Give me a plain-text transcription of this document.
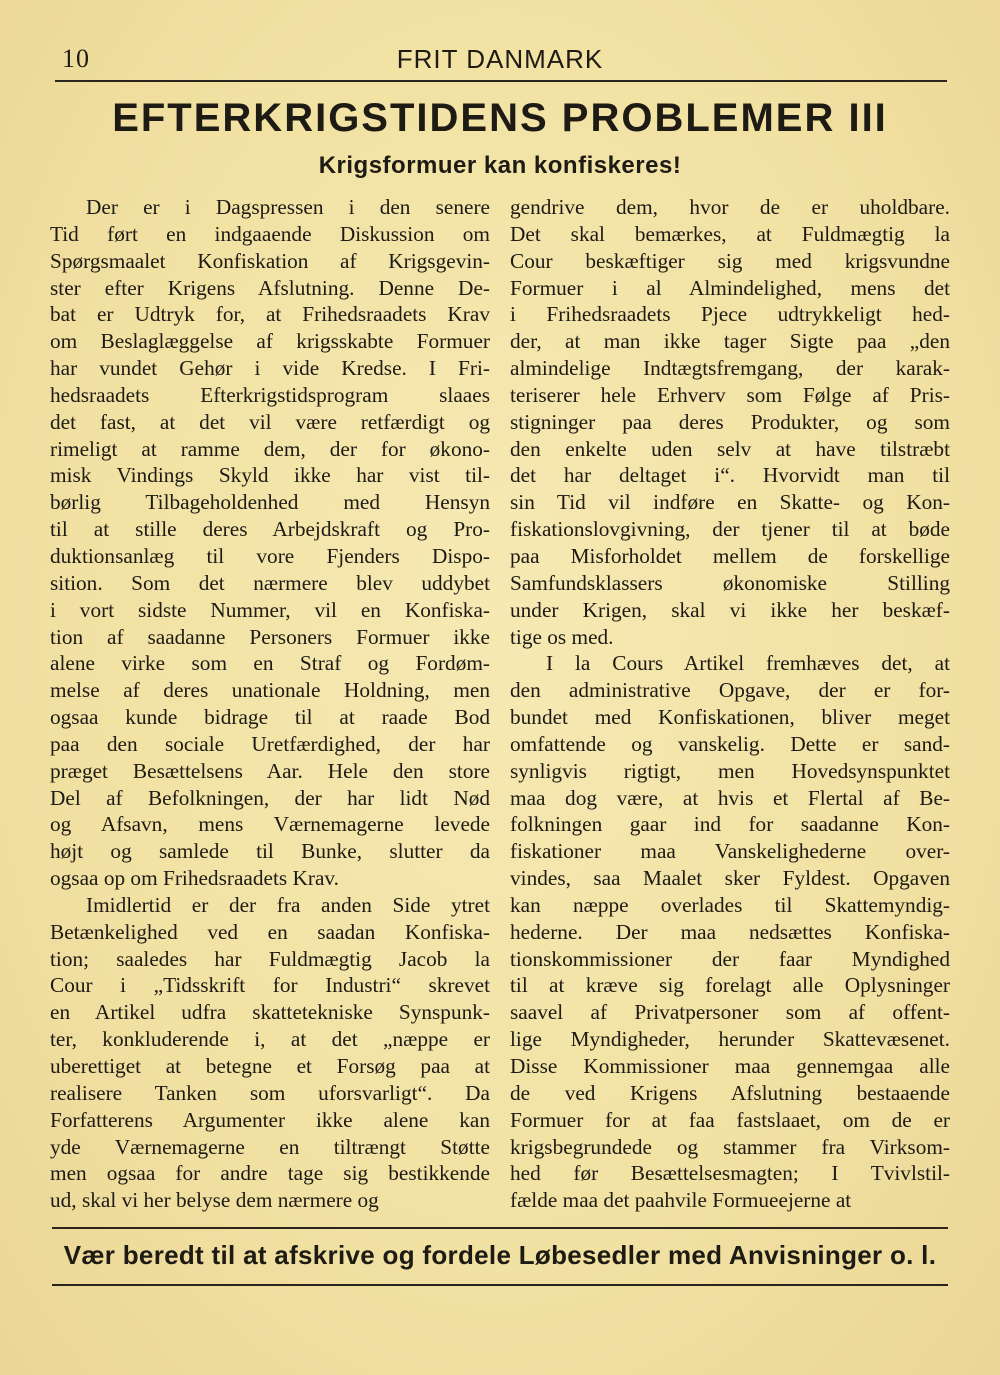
10	FRIT DANMARK
EFTERKRIGSTIDENS PROBLEMER III
Krigsformuer kan konfiskeres!
Der er i Dagspressen i den senere
Tid ført en indgaaende Diskussion om
Spørgsmaalet Konfiskation af Krigsgevin-
ster efter Krigens Afslutning. Denne De-
bat er Udtryk for, at Frihedsraadets Krav
om Beslaglæggelse af krigsskabte Formuer
har vundet Gehør i vide Kredse. I Fri-
hedsraadets Efterkrigstidsprogram slaaes
det fast, at det vil være retfærdigt og
rimeligt at ramme dem, der for økono-
misk Vindings Skyld ikke har vist til-
børlig Tilbageholdenhed med Hensyn
til at stille deres Arbejdskraft og Pro-
duktionsanlæg til vore Fjenders Dispo-
sition. Som det nærmere blev uddybet
i vort sidste Nummer, vil en Konfiska-
tion af saadanne Personers Formuer ikke
alene virke som en Straf og Fordøm-
melse af deres unationale Holdning, men
ogsaa kunde bidrage til at raade Bod
paa den sociale Uretfærdighed, der har
præget Besættelsens Aar. Hele den store
Del af Befolkningen, der har lidt Nød
og Afsavn, mens Værnemagerne levede
højt og samlede til Bunke, slutter da
ogsaa op om Frihedsraadets Krav.
Imidlertid er der fra anden Side ytret
Betænkelighed ved en saadan Konfiska-
tion; saaledes har Fuldmægtig Jacob la
Cour i „Tidsskrift for Industri“ skrevet
en Artikel udfra skattetekniske Synspunk-
ter, konkluderende i, at det „næppe er
uberettiget at betegne et Forsøg paa at
realisere Tanken som uforsvarligt“. Da
Forfatterens Argumenter ikke alene kan
yde Værnemagerne en tiltrængt Støtte
men ogsaa for andre tage sig bestikkende
ud, skal vi her belyse dem nærmere og
gendrive dem, hvor de er uholdbare.
Det skal bemærkes, at Fuldmægtig la
Cour beskæftiger sig med krigsvundne
Formuer i al Almindelighed, mens det
i Frihedsraadets Pjece udtrykkeligt hed-
der, at man ikke tager Sigte paa „den
almindelige Indtægtsfremgang, der karak-
teriserer hele Erhverv som Følge af Pris-
stigninger paa deres Produkter, og som
den enkelte uden selv at have tilstræbt
det har deltaget i“. Hvorvidt man til
sin Tid vil indføre en Skatte- og Kon-
fiskationslovgivning, der tjener til at bøde
paa Misforholdet mellem de forskellige
Samfundsklassers økonomiske Stilling
under Krigen, skal vi ikke her beskæf-
tige os med.
I la Cours Artikel fremhæves det, at
den administrative Opgave, der er for-
bundet med Konfiskationen, bliver meget
omfattende og vanskelig. Dette er sand-
synligvis rigtigt, men Hovedsynspunktet
maa dog være, at hvis et Flertal af Be-
folkningen gaar ind for saadanne Kon-
fiskationer maa Vanskelighederne over-
vindes, saa Maalet sker Fyldest. Opgaven
kan næppe overlades til Skattemyndig-
hederne. Der maa nedsættes Konfiska-
tionskommissioner der faar Myndighed
til at kræve sig forelagt alle Oplysninger
saavel af Privatpersoner som af offent-
lige Myndigheder, herunder Skattevæsenet.
Disse Kommissioner maa gennemgaa alle
de ved Krigens Afslutning bestaaende
Formuer for at faa fastslaaet, om de er
krigsbegrundede og stammer fra Virksom-
hed før Besættelsesmagten; I Tvivlstil-
fælde maa det paahvile Formueejerne at
Vær beredt til at afskrive og fordele Løbesedler med Anvisninger o. l.
